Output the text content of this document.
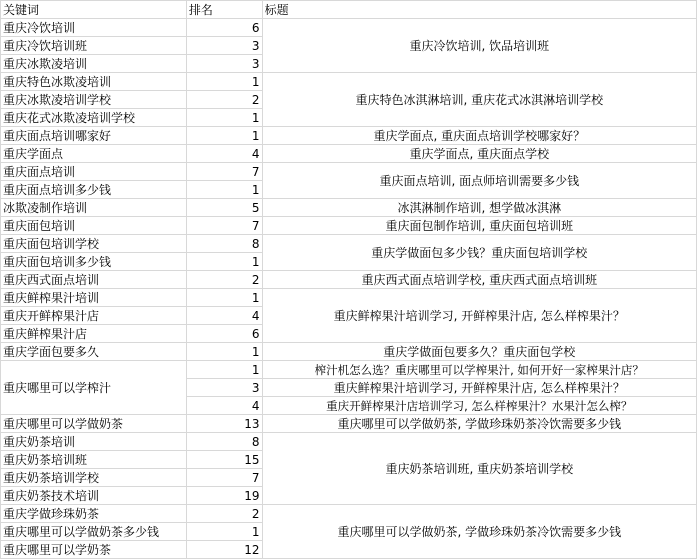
关键词	排名	标题
重庆冷饮培训	6	重庆冷饮培训, 饮品培训班
重庆冷饮培训班	3	
重庆冰欺凌培训	3	
重庆特色冰欺凌培训	1	重庆特色冰淇淋培训, 重庆花式冰淇淋培训学校
重庆冰欺凌培训学校	2	
重庆花式冰欺凌培训学校	1	
重庆面点培训哪家好	1	重庆学面点, 重庆面点培训学校哪家好？
重庆学面点	4	重庆学面点, 重庆面点学校
重庆面点培训	7	重庆面点培训, 面点师培训需要多少钱
重庆面点培训多少钱	1	
冰欺凌制作培训	5	冰淇淋制作培训, 想学做冰淇淋
重庆面包培训	7	重庆面包制作培训, 重庆面包培训班
重庆面包培训学校	8	重庆学做面包多少钱？重庆面包培训学校
重庆面包培训多少钱	1	
重庆西式面点培训	2	重庆西式面点培训学校, 重庆西式面点培训班
重庆鲜榨果汁培训	1	重庆鲜榨果汁培训学习, 开鲜榨果汁店, 怎么样榨果汁？
重庆开鲜榨果汁店	4	
重庆鲜榨果汁店	6	
重庆学面包要多久	1	重庆学做面包要多久？重庆面包学校
重庆哪里可以学榨汁	1	榨汁机怎么选？重庆哪里可以学榨果汁, 如何开好一家榨果汁店？
	3	重庆鲜榨果汁培训学习, 开鲜榨果汁店, 怎么样榨果汁？
	4	重庆开鲜榨果汁店培训学习, 怎么样榨果汁？水果汁怎么榨？
重庆哪里可以学做奶茶	13	重庆哪里可以学做奶茶, 学做珍珠奶茶冷饮需要多少钱
重庆奶茶培训	8	重庆奶茶培训班, 重庆奶茶培训学校
重庆奶茶培训班	15	
重庆奶茶培训学校	7	
重庆奶茶技术培训	19	
重庆学做珍珠奶茶	2	重庆哪里可以学做奶茶, 学做珍珠奶茶冷饮需要多少钱
重庆哪里可以学做奶茶多少钱	1	
重庆哪里可以学奶茶	12	
